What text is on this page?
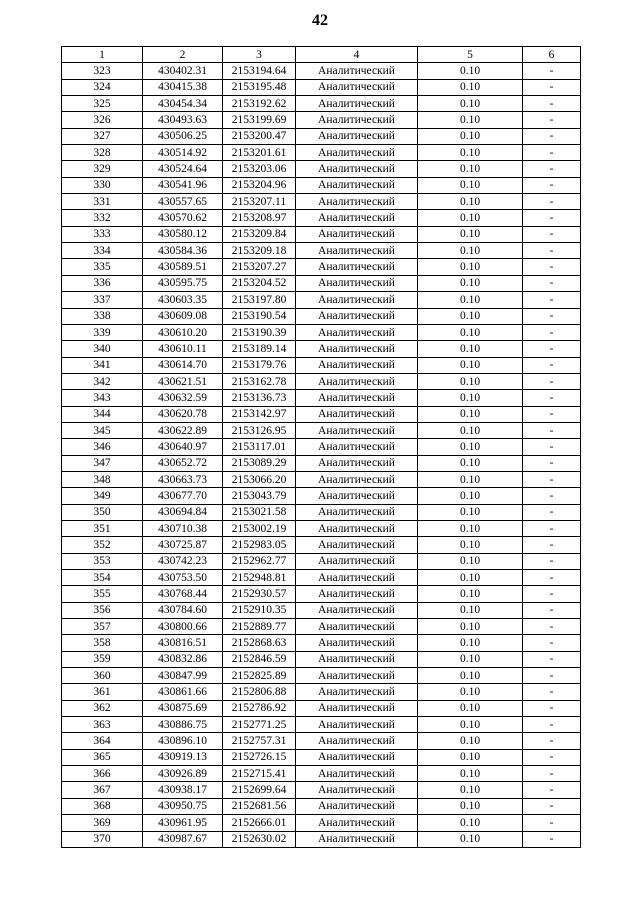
42
1	2	3	4	5	6
323	430402.31	2153194.64	Аналитический	0.10	-
324	430415.38	2153195.48	Аналитический	0.10	-
325	430454.34	2153192.62	Аналитический	0.10	-
326	430493.63	2153199.69	Аналитический	0.10	-
327	430506.25	2153200.47	Аналитический	0.10	-
328	430514.92	2153201.61	Аналитический	0.10	-
329	430524.64	2153203.06	Аналитический	0.10	-
330	430541.96	2153204.96	Аналитический	0.10	-
331	430557.65	2153207.11	Аналитический	0.10	-
332	430570.62	2153208.97	Аналитический	0.10	-
333	430580.12	2153209.84	Аналитический	0.10	-
334	430584.36	2153209.18	Аналитический	0.10	-
335	430589.51	2153207.27	Аналитический	0.10	-
336	430595.75	2153204.52	Аналитический	0.10	-
337	430603.35	2153197.80	Аналитический	0.10	-
338	430609.08	2153190.54	Аналитический	0.10	-
339	430610.20	2153190.39	Аналитический	0.10	-
340	430610.11	2153189.14	Аналитический	0.10	-
341	430614.70	2153179.76	Аналитический	0.10	-
342	430621.51	2153162.78	Аналитический	0.10	-
343	430632.59	2153136.73	Аналитический	0.10	-
344	430620.78	2153142.97	Аналитический	0.10	-
345	430622.89	2153126.95	Аналитический	0.10	-
346	430640.97	2153117.01	Аналитический	0.10	-
347	430652.72	2153089.29	Аналитический	0.10	-
348	430663.73	2153066.20	Аналитический	0.10	-
349	430677.70	2153043.79	Аналитический	0.10	-
350	430694.84	2153021.58	Аналитический	0.10	-
351	430710.38	2153002.19	Аналитический	0.10	-
352	430725.87	2152983.05	Аналитический	0.10	-
353	430742.23	2152962.77	Аналитический	0.10	-
354	430753.50	2152948.81	Аналитический	0.10	-
355	430768.44	2152930.57	Аналитический	0.10	-
356	430784.60	2152910.35	Аналитический	0.10	-
357	430800.66	2152889.77	Аналитический	0.10	-
358	430816.51	2152868.63	Аналитический	0.10	-
359	430832.86	2152846.59	Аналитический	0.10	-
360	430847.99	2152825.89	Аналитический	0.10	-
361	430861.66	2152806.88	Аналитический	0.10	-
362	430875.69	2152786.92	Аналитический	0.10	-
363	430886.75	2152771.25	Аналитический	0.10	-
364	430896.10	2152757.31	Аналитический	0.10	-
365	430919.13	2152726.15	Аналитический	0.10	-
366	430926.89	2152715.41	Аналитический	0.10	-
367	430938.17	2152699.64	Аналитический	0.10	-
368	430950.75	2152681.56	Аналитический	0.10	-
369	430961.95	2152666.01	Аналитический	0.10	-
370	430987.67	2152630.02	Аналитический	0.10	-
